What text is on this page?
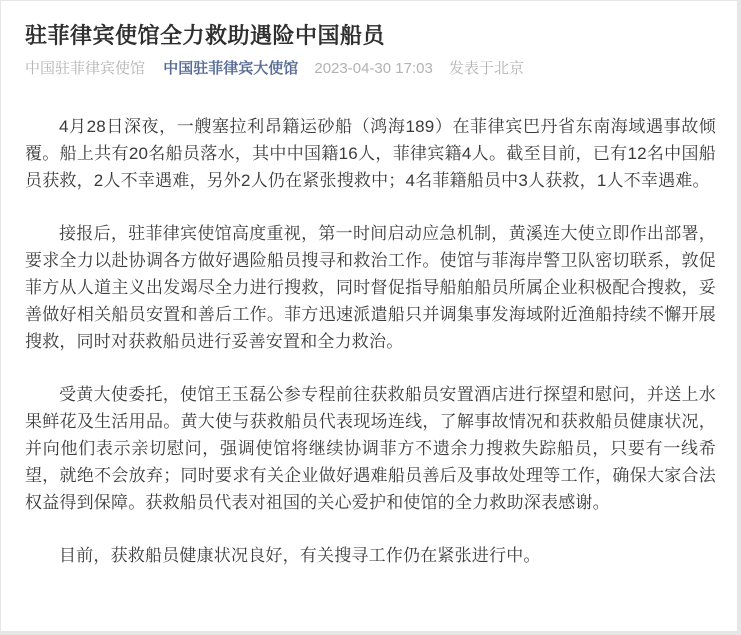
驻菲律宾使馆全力救助遇险中国船员
中国驻菲律宾使馆 中国驻菲律宾大使馆 2023-04-30 17:03 发表于北京

4月28日深夜，一艘塞拉利昂籍运砂船（鸿海189）在菲律宾巴丹省东南海域遇事故倾覆。船上共有20名船员落水，其中中国籍16人，菲律宾籍4人。截至目前，已有12名中国船员获救，2人不幸遇难，另外2人仍在紧张搜救中；4名菲籍船员中3人获救，1人不幸遇难。

接报后，驻菲律宾使馆高度重视，第一时间启动应急机制，黄溪连大使立即作出部署，要求全力以赴协调各方做好遇险船员搜寻和救治工作。使馆与菲海岸警卫队密切联系，敦促菲方从人道主义出发竭尽全力进行搜救，同时督促指导船舶船员所属企业积极配合搜救，妥善做好相关船员安置和善后工作。菲方迅速派遣船只并调集事发海域附近渔船持续不懈开展搜救，同时对获救船员进行妥善安置和全力救治。

受黄大使委托，使馆王玉磊公参专程前往获救船员安置酒店进行探望和慰问，并送上水果鲜花及生活用品。黄大使与获救船员代表现场连线，了解事故情况和获救船员健康状况，并向他们表示亲切慰问，强调使馆将继续协调菲方不遗余力搜救失踪船员，只要有一线希望，就绝不会放弃；同时要求有关企业做好遇难船员善后及事故处理等工作，确保大家合法权益得到保障。获救船员代表对祖国的关心爱护和使馆的全力救助深表感谢。

目前，获救船员健康状况良好，有关搜寻工作仍在紧张进行中。
